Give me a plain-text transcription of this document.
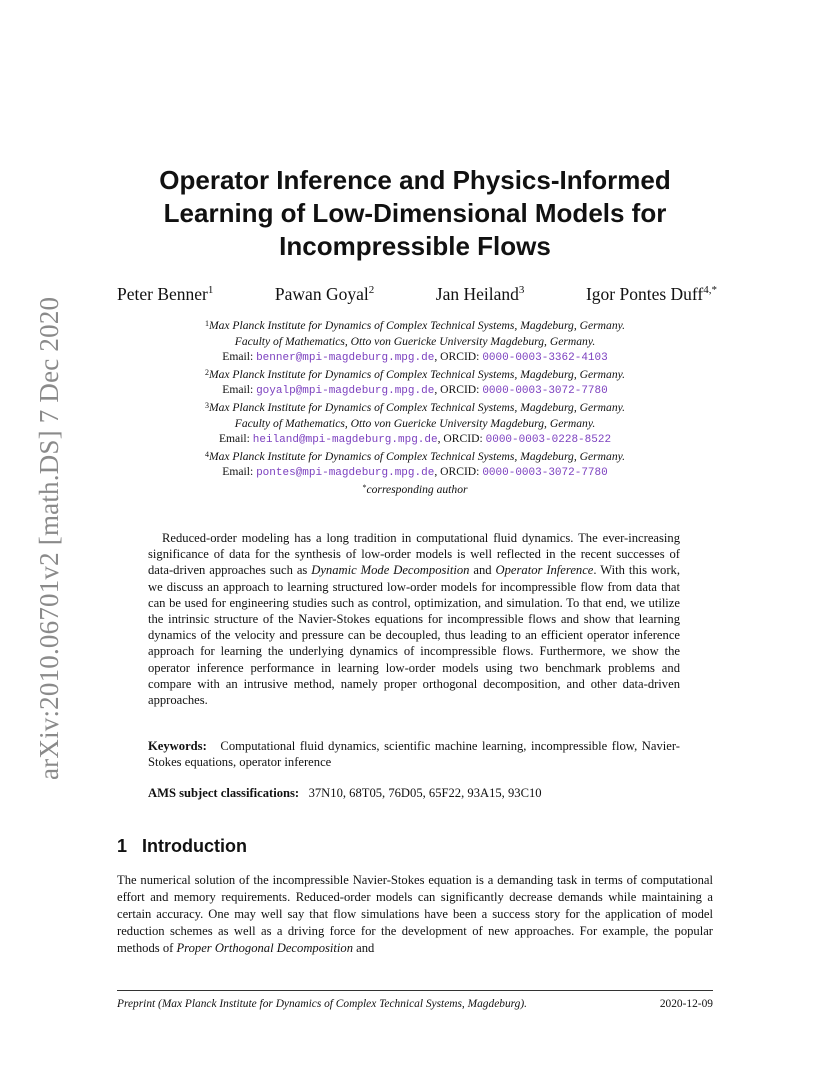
arXiv:2010.06701v2 [math.DS] 7 Dec 2020
Operator Inference and Physics-Informed
Learning of Low-Dimensional Models for
Incompressible Flows
Peter Benner$^1$	Pawan Goyal$^2$	Jan Heiland$^3$	Igor Pontes Duff$^{4,*}$
$^1$Max Planck Institute for Dynamics of Complex Technical Systems, Magdeburg, Germany.
Faculty of Mathematics, Otto von Guericke University Magdeburg, Germany.
Email: benner@mpi-magdeburg.mpg.de, ORCID: 0000-0003-3362-4103
$^2$Max Planck Institute for Dynamics of Complex Technical Systems, Magdeburg, Germany.
Email: goyalp@mpi-magdeburg.mpg.de, ORCID: 0000-0003-3072-7780
$^3$Max Planck Institute for Dynamics of Complex Technical Systems, Magdeburg, Germany.
Faculty of Mathematics, Otto von Guericke University Magdeburg, Germany.
Email: heiland@mpi-magdeburg.mpg.de, ORCID: 0000-0003-0228-8522
$^4$Max Planck Institute for Dynamics of Complex Technical Systems, Magdeburg, Germany.
Email: pontes@mpi-magdeburg.mpg.de, ORCID: 0000-0003-3072-7780
*corresponding author
Reduced-order modeling has a long tradition in computational fluid dynamics. The ever-increasing significance of data for the synthesis of low-order models is well reflected in the recent successes of data-driven approaches such as Dynamic Mode Decomposition and Operator Inference. With this work, we discuss an approach to learning structured low-order models for incompressible flow from data that can be used for engineering studies such as control, optimization, and simulation. To that end, we utilize the intrinsic structure of the Navier-Stokes equations for incompressible flows and show that learning dynamics of the velocity and pressure can be decoupled, thus leading to an efficient operator inference approach for learning the underlying dynamics of incompressible flows. Furthermore, we show the operator inference performance in learning low-order models using two benchmark problems and compare with an intrusive method, namely proper orthogonal decomposition, and other data-driven approaches.
Keywords: Computational fluid dynamics, scientific machine learning, incompressible flow, Navier-Stokes equations, operator inference
AMS subject classifications: 37N10, 68T05, 76D05, 65F22, 93A15, 93C10
1   Introduction
The numerical solution of the incompressible Navier-Stokes equation is a demanding task in terms of computational effort and memory requirements. Reduced-order models can significantly decrease demands while maintaining a certain accuracy. One may well say that flow simulations have been a success story for the application of model reduction schemes as well as a driving force for the development of new approaches. For example, the popular methods of Proper Orthogonal Decomposition and
Preprint (Max Planck Institute for Dynamics of Complex Technical Systems, Magdeburg).	2020-12-09
